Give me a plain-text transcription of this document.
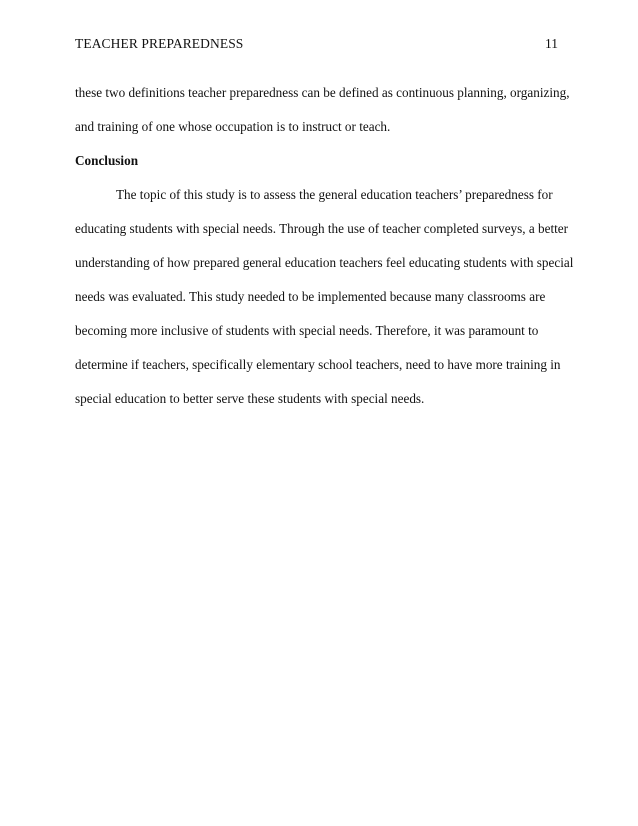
TEACHER PREPAREDNESS	11
these two definitions teacher preparedness can be defined as continuous planning, organizing,
and training of one whose occupation is to instruct or teach.
Conclusion
The topic of this study is to assess the general education teachers’ preparedness for
educating students with special needs. Through the use of teacher completed surveys, a better
understanding of how prepared general education teachers feel educating students with special
needs was evaluated. This study needed to be implemented because many classrooms are
becoming more inclusive of students with special needs. Therefore, it was paramount to
determine if teachers, specifically elementary school teachers, need to have more training in
special education to better serve these students with special needs.
